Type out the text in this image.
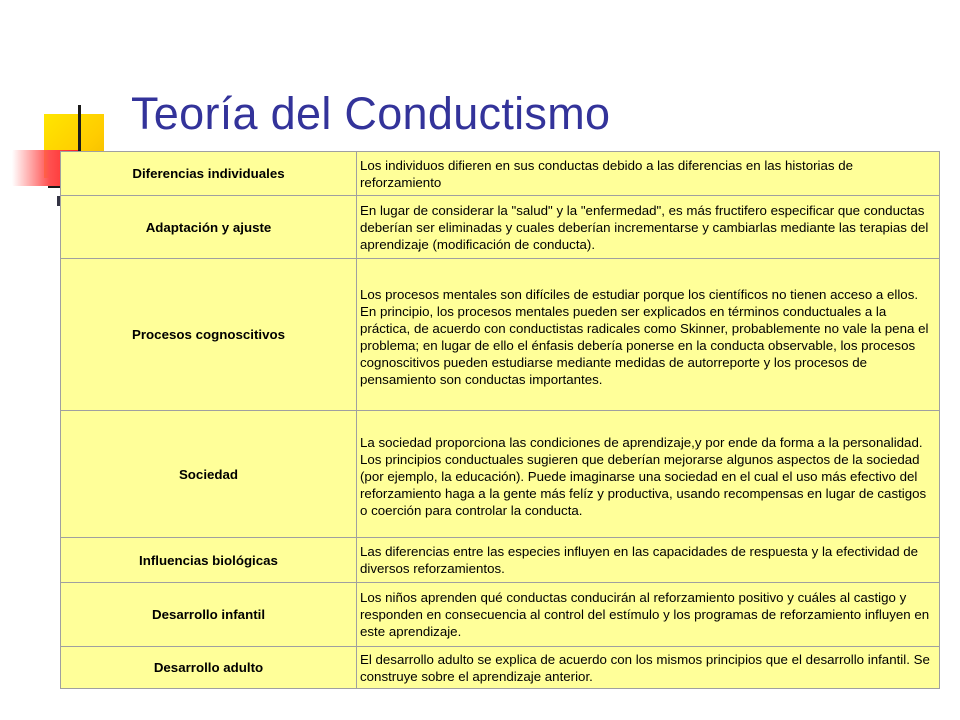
Teoría del Conductismo
Diferencias individuales	Los individuos difieren en sus conductas debido a las diferencias en las historias de reforzamiento
Adaptación y ajuste	En lugar de considerar la "salud" y la "enfermedad", es más fructifero especificar que conductas deberían ser eliminadas y cuales deberían incrementarse y cambiarlas mediante las terapias del aprendizaje (modificación de conducta).
Procesos cognoscitivos	Los procesos mentales son difíciles de estudiar porque los científicos no tienen acceso a ellos. En principio, los procesos mentales pueden ser explicados en términos conductuales a la práctica, de acuerdo con conductistas radicales como Skinner, probablemente no vale la pena el problema; en lugar de ello el énfasis debería ponerse en la conducta observable, los procesos cognoscitivos pueden estudiarse mediante medidas de autorreporte y los procesos de pensamiento son conductas importantes.
Sociedad	La sociedad proporciona las condiciones de aprendizaje,y por ende da forma a la personalidad. Los principios conductuales sugieren que deberían mejorarse algunos aspectos de la sociedad (por ejemplo, la educación). Puede imaginarse una sociedad en el cual el uso más efectivo del reforzamiento haga a la gente más felíz y productiva, usando recompensas en lugar de castigos o coerción para controlar la conducta.
Influencias biológicas	Las diferencias entre las especies influyen en las capacidades de respuesta y la efectividad de diversos reforzamientos.
Desarrollo infantil	Los niños aprenden qué conductas conducirán al reforzamiento positivo y cuáles al castigo y responden en consecuencia al control del estímulo y los programas de reforzamiento influyen en este aprendizaje.
Desarrollo adulto	El desarrollo adulto se explica de acuerdo con los mismos principios que el desarrollo infantil. Se construye sobre el aprendizaje anterior.
